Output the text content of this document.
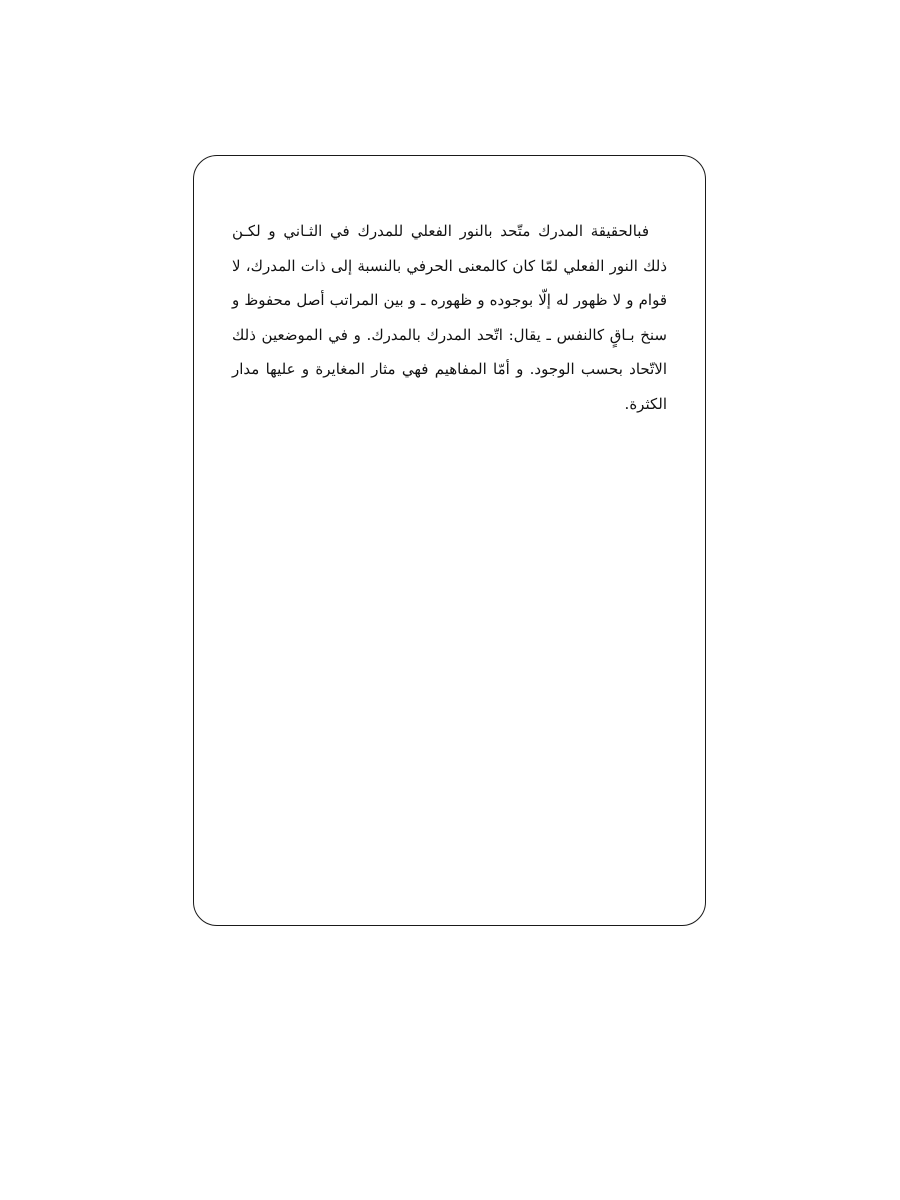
فبالحقيقة المدرك متّحد بالنور الفعلي للمدرك في الثـاني و لكـن ذلك النور الفعلي لمّا كان كالمعنى الحرفي بالنسبة إلى ذات المدرك، لا قوام و لا ظهور له إلّا بوجوده و ظهوره ـ و بين المراتب أصل محفوظ و سنخ بـاقٍ كالنفس ـ يقال: اتّحد المدرك بالمدرك. و في الموضعين ذلك الاتّحاد بحسب الوجود. و أمّا المفاهيم فهي مثار المغايرة و عليها مدار الكثرة.
